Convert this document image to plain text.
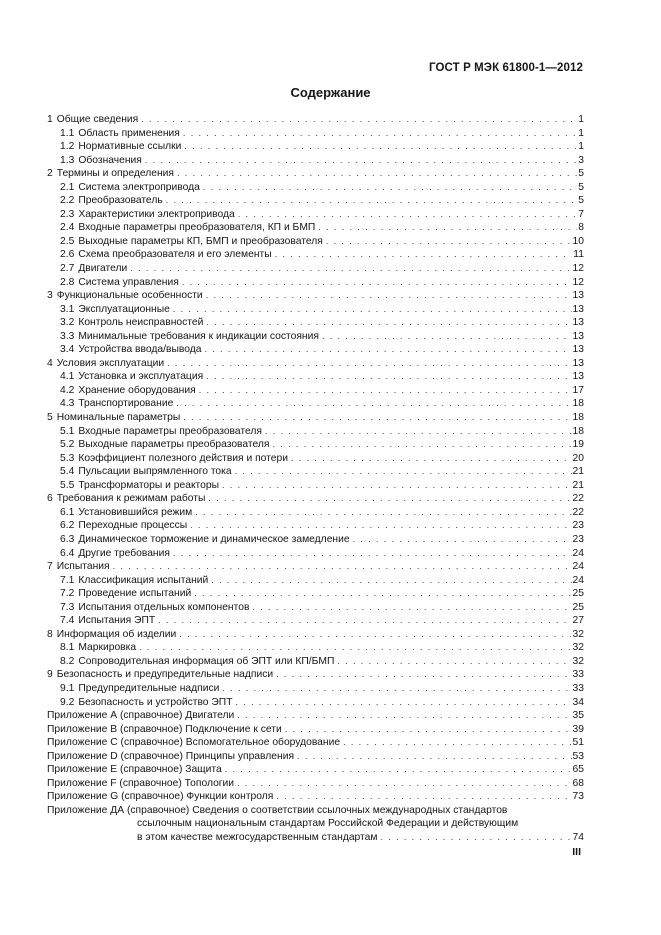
ГОСТ Р МЭК 61800-1—2012
Содержание
1 Общие сведения . . .	1
1.1 Область применения . . .	1
1.2 Нормативные ссылки . . .	1
1.3 Обозначения . . .	3
2 Термины и определения . . .	5
2.1 Система электропривода . . .	5
2.2 Преобразователь . . .	5
2.3 Характеристики электропривода . . .	7
2.4 Входные параметры преобразователя, КП и БМП . . .	8
2.5 Выходные параметры КП, БМП и преобразователя . . .	10
2.6 Схема преобразователя и его элементы . . .	11
2.7 Двигатели . . .	12
2.8 Система управления . . .	12
3 Функциональные особенности . . .	13
3.1 Эксплуатационные . . .	13
3.2 Контроль неисправностей . . .	13
3.3 Минимальные требования к индикации состояния . . .	13
3.4 Устройства ввода/вывода . . .	13
4 Условия эксплуатации . . .	13
4.1 Установка и эксплуатация . . .	13
4.2 Хранение оборудования . . .	17
4.3 Транспортирование . . .	18
5 Номинальные параметры . . .	18
5.1 Входные параметры преобразователя . . .	18
5.2 Выходные параметры преобразователя . . .	19
5.3 Коэффициент полезного действия и потери . . .	20
5.4 Пульсации выпрямленного тока . . .	21
5.5 Трансформаторы и реакторы . . .	21
6 Требования к режимам работы . . .	22
6.1 Установившийся режим . . .	22
6.2 Переходные процессы . . .	23
6.3 Динамическое торможение и динамическое замедление . . .	23
6.4 Другие требования . . .	24
7 Испытания . . .	24
7.1 Классификация испытаний . . .	24
7.2 Проведение испытаний . . .	25
7.3 Испытания отдельных компонентов . . .	25
7.4 Испытания ЭПТ . . .	27
8 Информация об изделии . . .	32
8.1 Маркировка . . .	32
8.2 Сопроводительная информация об ЭПТ или КП/БМП . . .	32
9 Безопасность и предупредительные надписи . . .	33
9.1 Предупредительные надписи . . .	33
9.2 Безопасность и устройство ЭПТ . . .	34
Приложение А (справочное) Двигатели . . .	35
Приложение В (справочное) Подключение к сети . . .	39
Приложение С (справочное) Вспомогательное оборудование . . .	51
Приложение D (справочное) Принципы управления . . .	53
Приложение Е (справочное) Защита . . .	65
Приложение F (справочное) Топологии . . .	68
Приложение G (справочное) Функции контроля . . .	73
Приложение ДА (справочное) Сведения о соответствии ссылочных международных стандартов
ссылочным национальным стандартам Российской Федерации и действующим
в этом качестве межгосударственным стандартам . . .	74
III
